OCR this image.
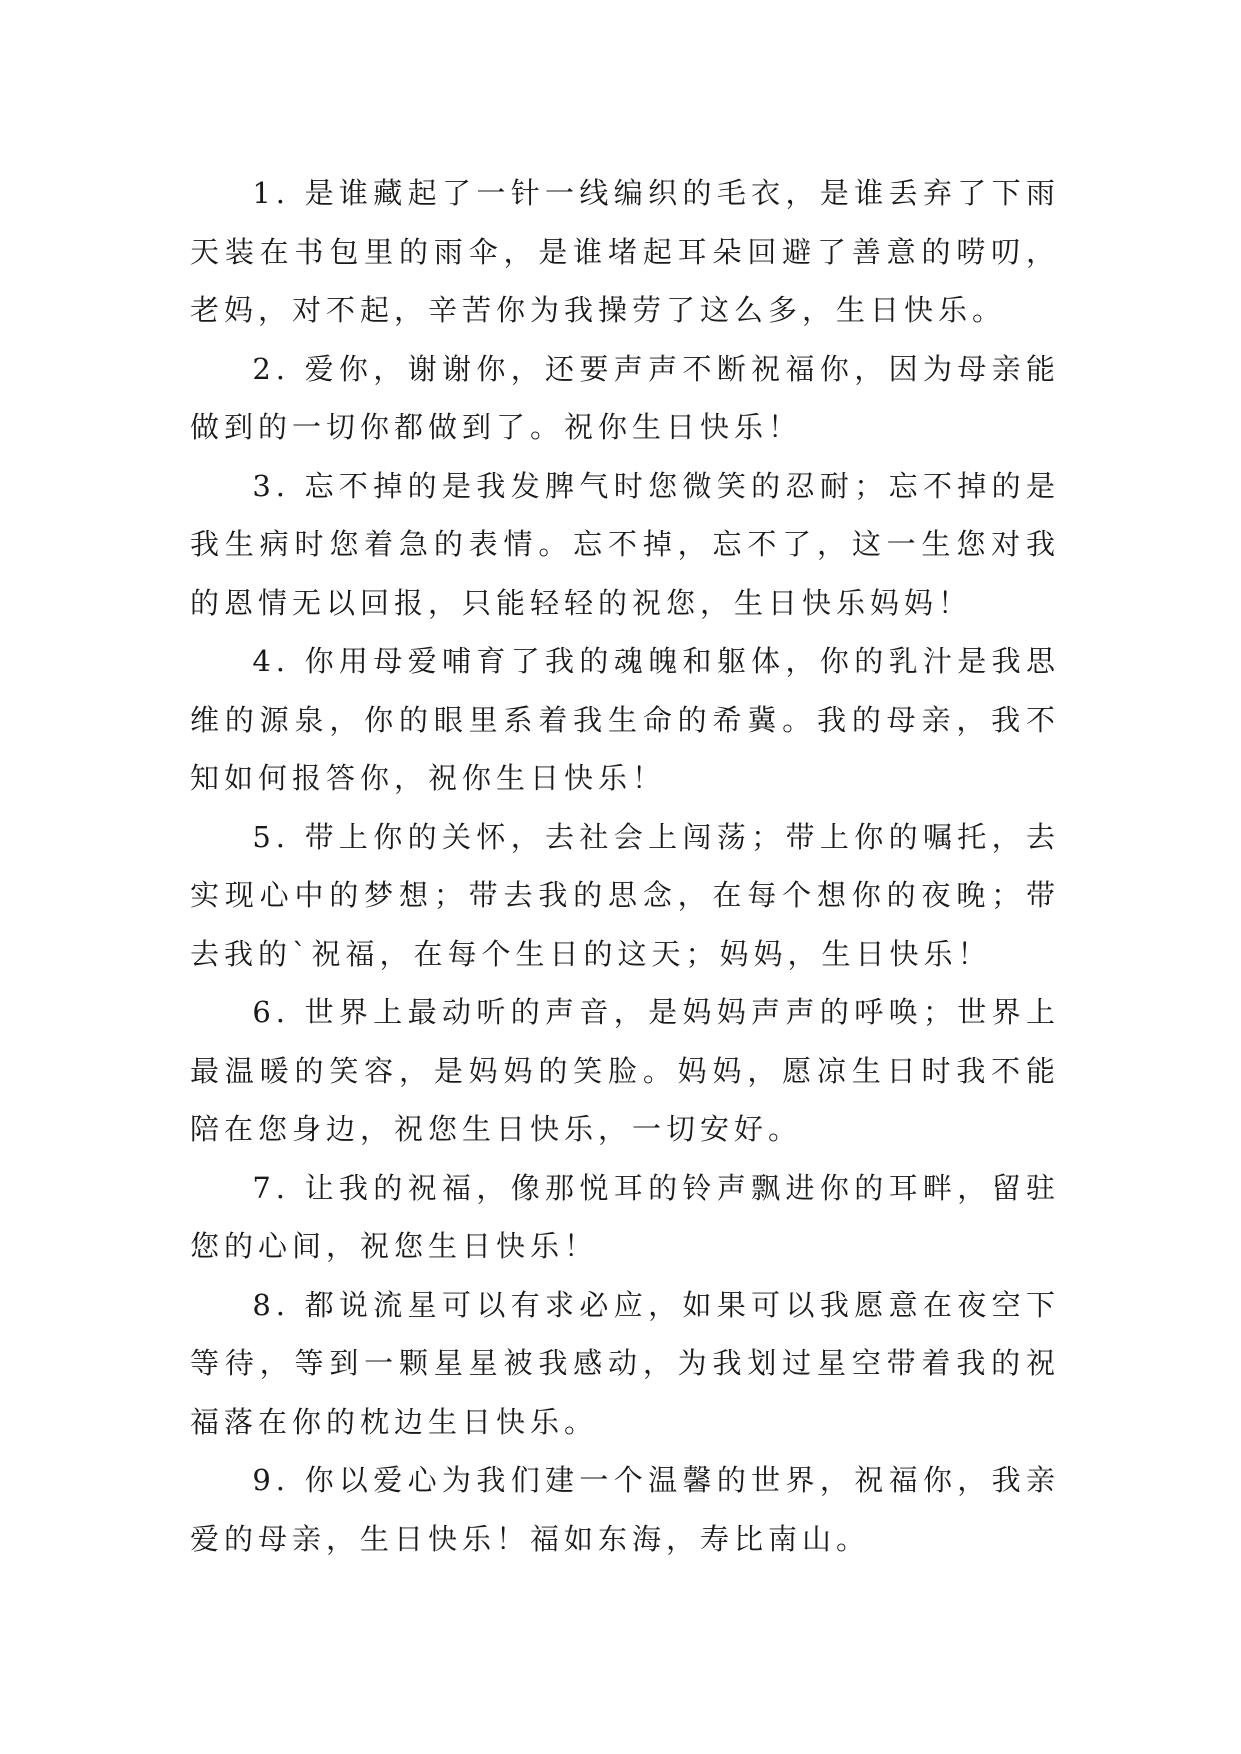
1. 是谁藏起了一针一线编织的毛衣，是谁丢弃了下雨天装在书包里的雨伞，是谁堵起耳朵回避了善意的唠叨，老妈，对不起，辛苦你为我操劳了这么多，生日快乐。

2. 爱你，谢谢你，还要声声不断祝福你，因为母亲能做到的一切你都做到了。祝你生日快乐！

3. 忘不掉的是我发脾气时您微笑的忍耐；忘不掉的是我生病时您着急的表情。忘不掉，忘不了，这一生您对我的恩情无以回报，只能轻轻的祝您，生日快乐妈妈！

4. 你用母爱哺育了我的魂魄和躯体，你的乳汁是我思维的源泉，你的眼里系着我生命的希冀。我的母亲，我不知如何报答你，祝你生日快乐！

5. 带上你的关怀，去社会上闯荡；带上你的嘱托，去实现心中的梦想；带去我的思念，在每个想你的夜晚；带去我的`祝福，在每个生日的这天；妈妈，生日快乐！

6. 世界上最动听的声音，是妈妈声声的呼唤；世界上最温暖的笑容，是妈妈的笑脸。妈妈，愿凉生日时我不能陪在您身边，祝您生日快乐，一切安好。

7. 让我的祝福，像那悦耳的铃声飘进你的耳畔，留驻您的心间，祝您生日快乐！

8. 都说流星可以有求必应，如果可以我愿意在夜空下等待，等到一颗星星被我感动，为我划过星空带着我的祝福落在你的枕边生日快乐。

9. 你以爱心为我们建一个温馨的世界，祝福你，我亲爱的母亲，生日快乐！福如东海，寿比南山。
